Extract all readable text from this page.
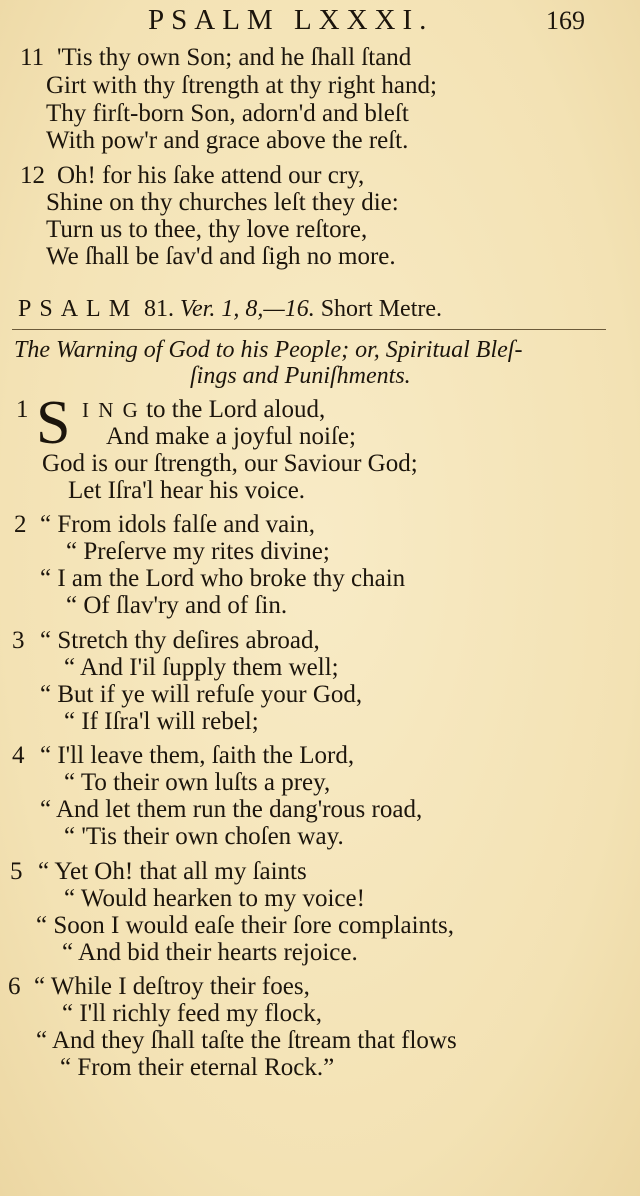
PSALM LXXXI.	169
11 'Tis thy own Son; and he ſhall ſtand
Girt with thy ſtrength at thy right hand;
Thy firſt-born Son, adorn'd and bleſt
With pow'r and grace above the reſt.
12 Oh! for his ſake attend our cry,
Shine on thy churches leſt they die:
Turn us to thee, thy love reſtore,
We ſhall be ſav'd and ſigh no more.
PSALM 81. Ver. 1, 8,—16. Short Metre.
The Warning of God to his People; or, Spiritual Bleſ-
ſings and Puniſhments.
1 S I N G to the Lord aloud,
And make a joyful noiſe;
God is our ſtrength, our Saviour God;
Let Iſra'l hear his voice.
2 “ From idols falſe and vain,
“ Preſerve my rites divine;
“ I am the Lord who broke thy chain
“ Of ſlav'ry and of ſin.
3 “ Stretch thy deſires abroad,
“ And I'il ſupply them well;
“ But if ye will refuſe your God,
“ If Iſra'l will rebel;
4 “ I'll leave them, ſaith the Lord,
“ To their own luſts a prey,
“ And let them run the dang'rous road,
“ 'Tis their own choſen way.
5 “ Yet Oh! that all my ſaints
“ Would hearken to my voice!
“ Soon I would eaſe their ſore complaints,
“ And bid their hearts rejoice.
6 “ While I deſtroy their foes,
“ I'll richly feed my flock,
“ And they ſhall taſte the ſtream that flows
“ From their eternal Rock.”
